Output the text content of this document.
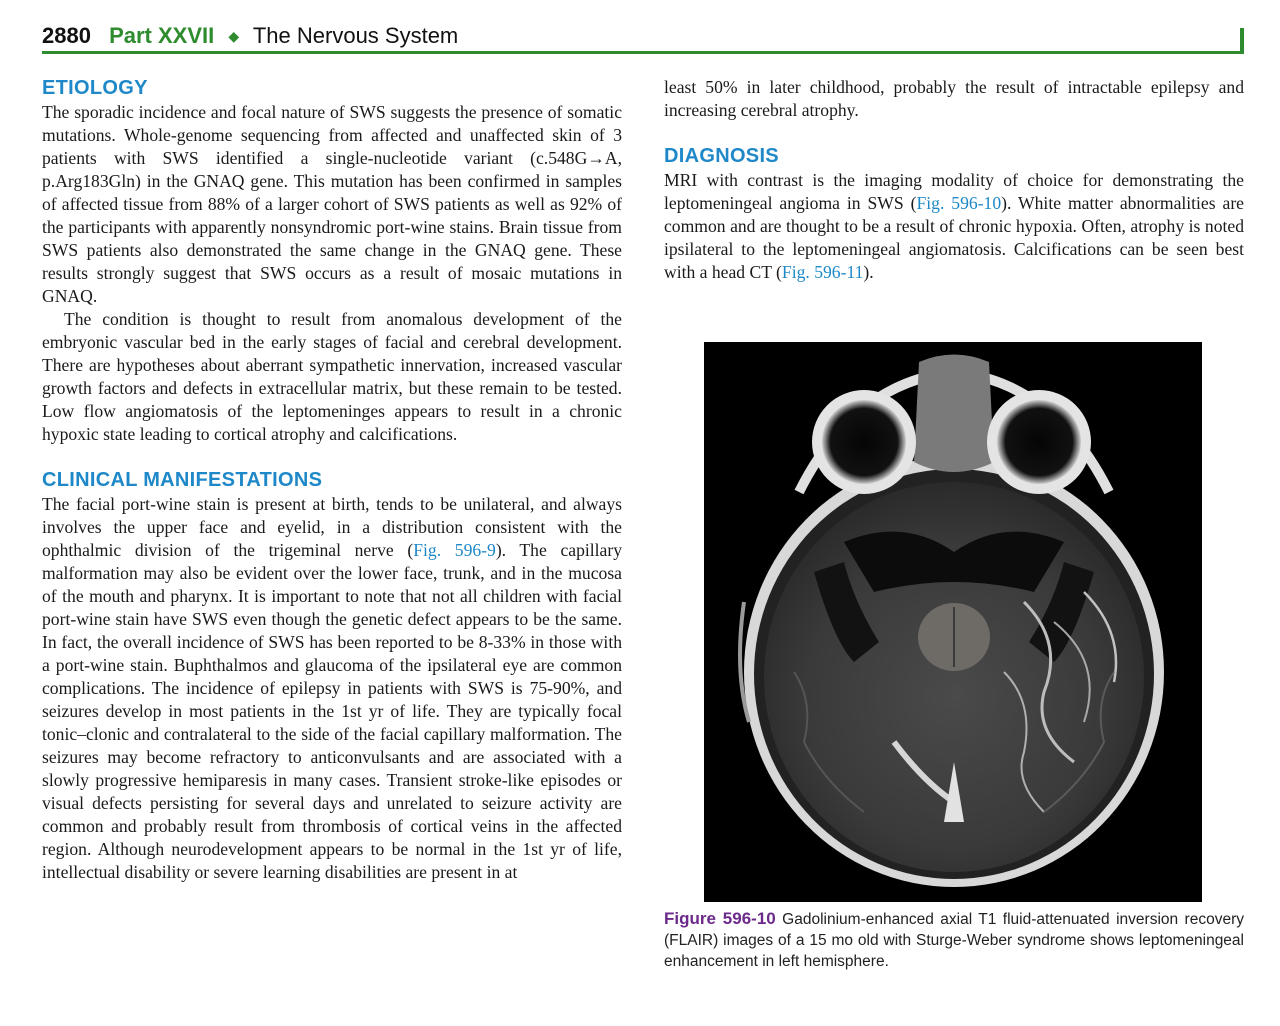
2880 Part XXVII ◆ The Nervous System
ETIOLOGY

The sporadic incidence and focal nature of SWS suggests the presence of somatic mutations. Whole-genome sequencing from affected and unaffected skin of 3 patients with SWS identified a single-nucleotide variant (c.548G→A, p.Arg183Gln) in the GNAQ gene. This mutation has been confirmed in samples of affected tissue from 88% of a larger cohort of SWS patients as well as 92% of the participants with apparently nonsyndromic port-wine stains. Brain tissue from SWS patients also demonstrated the same change in the GNAQ gene. These results strongly suggest that SWS occurs as a result of mosaic mutations in GNAQ.

The condition is thought to result from anomalous development of the embryonic vascular bed in the early stages of facial and cerebral development. There are hypotheses about aberrant sympathetic innervation, increased vascular growth factors and defects in extracellular matrix, but these remain to be tested. Low flow angiomatosis of the leptomeninges appears to result in a chronic hypoxic state leading to cortical atrophy and calcifications.

CLINICAL MANIFESTATIONS

The facial port-wine stain is present at birth, tends to be unilateral, and always involves the upper face and eyelid, in a distribution consistent with the ophthalmic division of the trigeminal nerve (Fig. 596-9). The capillary malformation may also be evident over the lower face, trunk, and in the mucosa of the mouth and pharynx. It is important to note that not all children with facial port-wine stain have SWS even though the genetic defect appears to be the same. In fact, the overall incidence of SWS has been reported to be 8-33% in those with a port-wine stain. Buphthalmos and glaucoma of the ipsilateral eye are common complications. The incidence of epilepsy in patients with SWS is 75-90%, and seizures develop in most patients in the 1st yr of life. They are typically focal tonic–clonic and contralateral to the side of the facial capillary malformation. The seizures may become refractory to anticonvulsants and are associated with a slowly progressive hemiparesis in many cases. Transient stroke-like episodes or visual defects persisting for several days and unrelated to seizure activity are common and probably result from thrombosis of cortical veins in the affected region. Although neurodevelopment appears to be normal in the 1st yr of life, intellectual disability or severe learning disabilities are present in at

least 50% in later childhood, probably the result of intractable epilepsy and increasing cerebral atrophy.

DIAGNOSIS

MRI with contrast is the imaging modality of choice for demonstrating the leptomeningeal angioma in SWS (Fig. 596-10). White matter abnormalities are common and are thought to be a result of chronic hypoxia. Often, atrophy is noted ipsilateral to the leptomeningeal angiomatosis. Calcifications can be seen best with a head CT (Fig. 596-11).

Figure 596-10 Gadolinium-enhanced axial T1 fluid-attenuated inversion recovery (FLAIR) images of a 15 mo old with Sturge-Weber syndrome shows leptomeningeal enhancement in left hemisphere.
